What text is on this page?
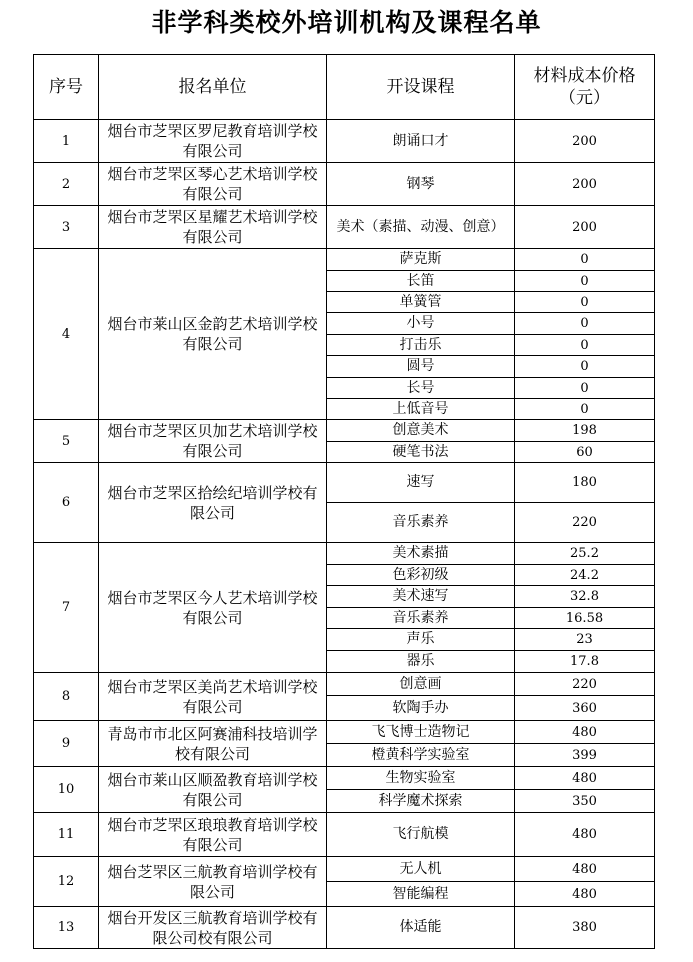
非学科类校外培训机构及课程名单
序号	报名单位	开设课程	材料成本价格（元）
1	烟台市芝罘区罗尼教育培训学校有限公司	朗诵口才	200
2	烟台市芝罘区琴心艺术培训学校有限公司	钢琴	200
3	烟台市芝罘区星耀艺术培训学校有限公司	美术（素描、动漫、创意）	200
4	烟台市莱山区金韵艺术培训学校有限公司	萨克斯	0
		长笛	0
		单簧管	0
		小号	0
		打击乐	0
		圆号	0
		长号	0
		上低音号	0
5	烟台市芝罘区贝加艺术培训学校有限公司	创意美术	198
		硬笔书法	60
6	烟台市芝罘区拾绘纪培训学校有限公司	速写	180
		音乐素养	220
7	烟台市芝罘区今人艺术培训学校有限公司	美术素描	25.2
		色彩初级	24.2
		美术速写	32.8
		音乐素养	16.58
		声乐	23
		器乐	17.8
8	烟台市芝罘区美尚艺术培训学校有限公司	创意画	220
		软陶手办	360
9	青岛市市北区阿赛浦科技培训学校有限公司	飞飞博士造物记	480
		橙黄科学实验室	399
10	烟台市莱山区顺盈教育培训学校有限公司	生物实验室	480
		科学魔术探索	350
11	烟台市芝罘区琅琅教育培训学校有限公司	飞行航模	480
12	烟台芝罘区三航教育培训学校有限公司	无人机	480
		智能编程	480
13	烟台开发区三航教育培训学校有限公司校有限公司	体适能	380
